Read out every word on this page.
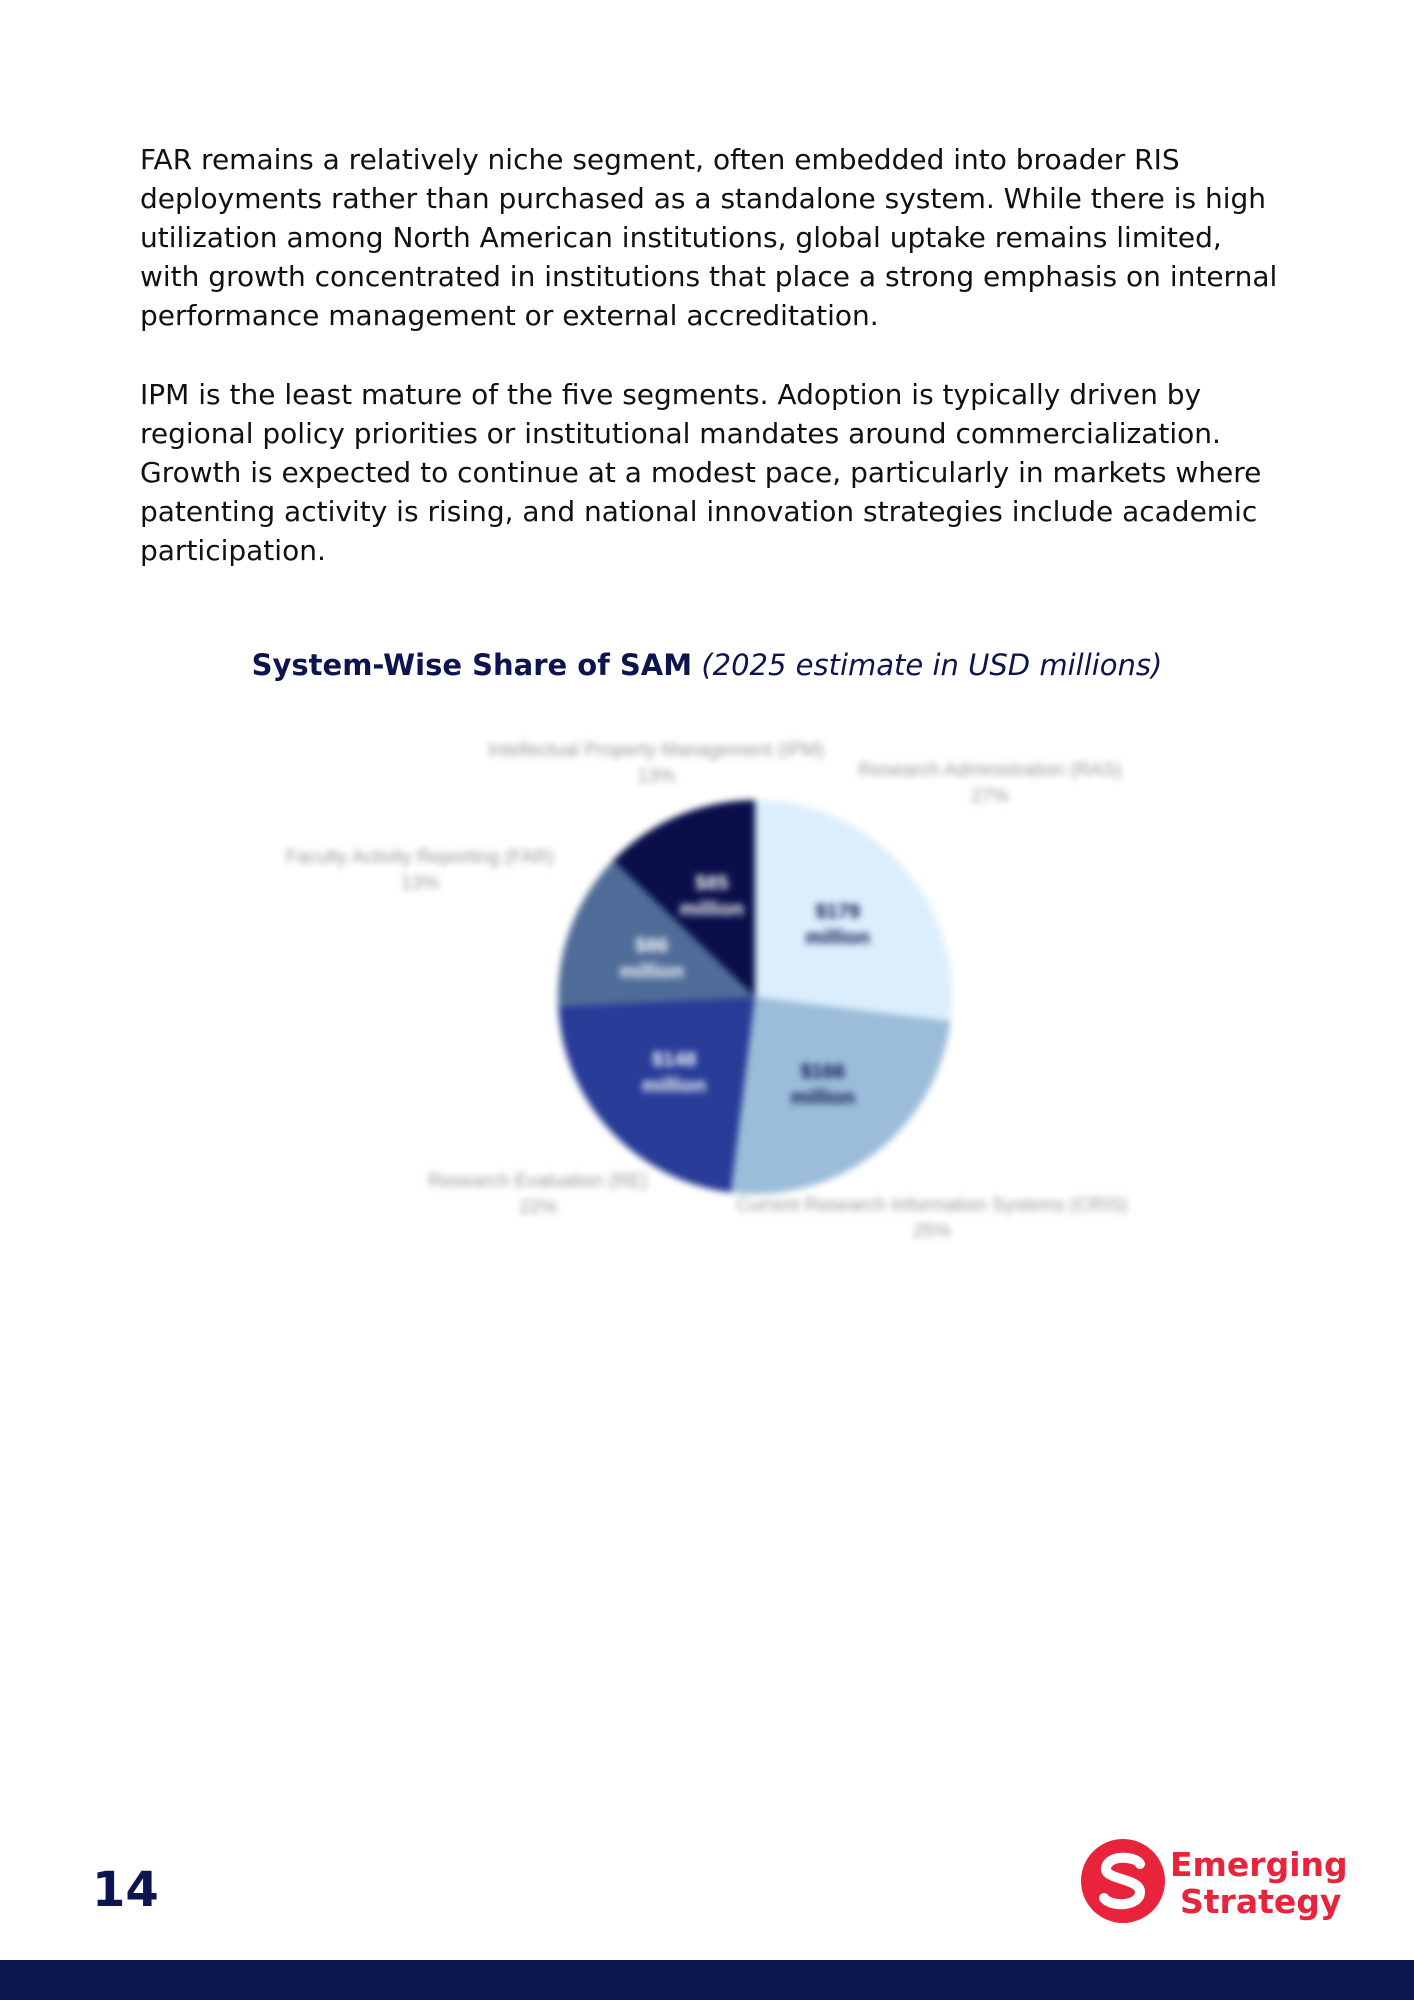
FAR remains a relatively niche segment, often embedded into broader RIS deployments rather than purchased as a standalone system. While there is high utilization among North American institutions, global uptake remains limited, with growth concentrated in institutions that place a strong emphasis on internal performance management or external accreditation.

IPM is the least mature of the five segments. Adoption is typically driven by regional policy priorities or institutional mandates around commercialization. Growth is expected to continue at a modest pace, particularly in markets where patenting activity is rising, and national innovation strategies include academic participation.

System-Wise Share of SAM (2025 estimate in USD millions)
$179
million
Research Administration (RAS)
27%
$166
million
Current Research Information Systems (CRIS)
25%
$148
million
Research Evaluation (RE)
22%
$86
million
Faculty Activity Reporting (FAR)
13%	$85
million
Intellectual Property Management (IPM)
13%
14	Emerging
Strategy
